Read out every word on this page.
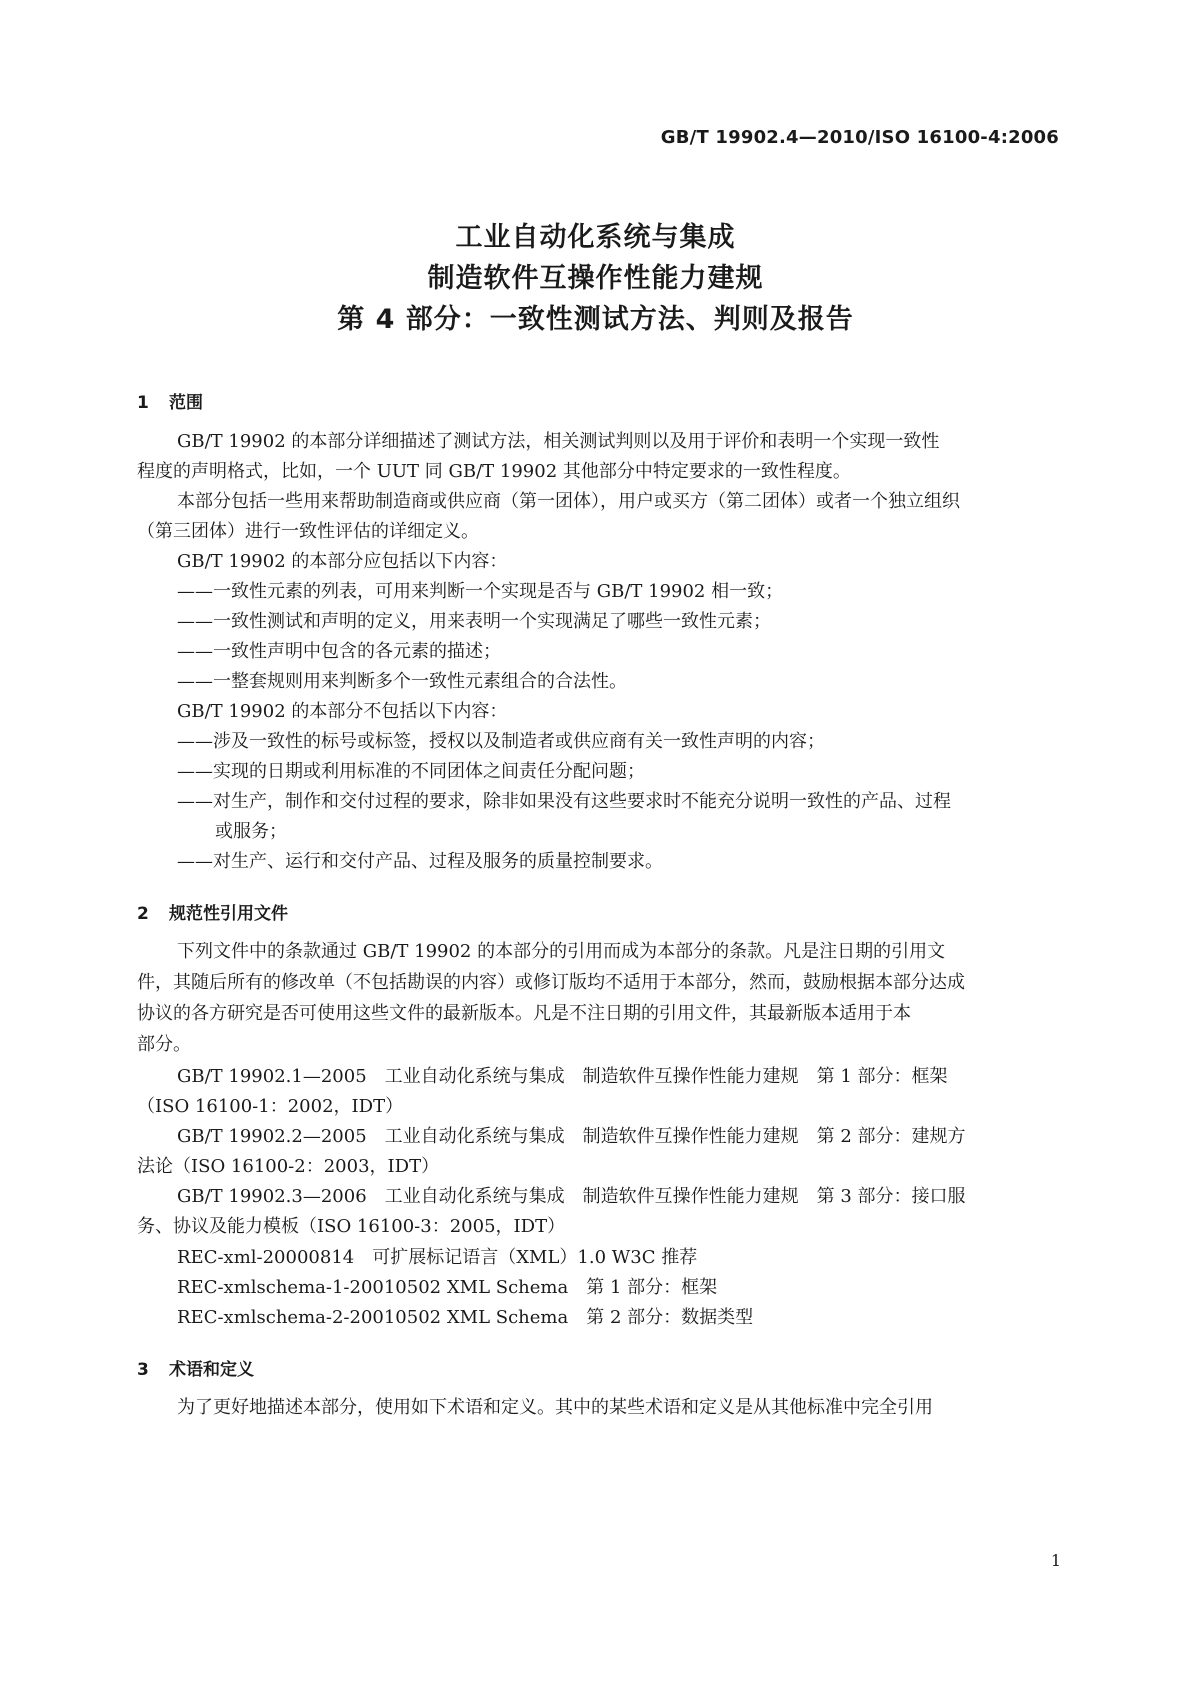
GB/T 19902.4—2010/ISO 16100-4:2006
工业自动化系统与集成
制造软件互操作性能力建规
第 4 部分：一致性测试方法、判则及报告
1 范围
GB/T 19902 的本部分详细描述了测试方法，相关测试判则以及用于评价和表明一个实现一致性
程度的声明格式，比如，一个 UUT 同 GB/T 19902 其他部分中特定要求的一致性程度。
本部分包括一些用来帮助制造商或供应商（第一团体），用户或买方（第二团体）或者一个独立组织
（第三团体）进行一致性评估的详细定义。
GB/T 19902 的本部分应包括以下内容：
——一致性元素的列表，可用来判断一个实现是否与 GB/T 19902 相一致；
——一致性测试和声明的定义，用来表明一个实现满足了哪些一致性元素；
——一致性声明中包含的各元素的描述；
——一整套规则用来判断多个一致性元素组合的合法性。
GB/T 19902 的本部分不包括以下内容：
——涉及一致性的标号或标签，授权以及制造者或供应商有关一致性声明的内容；
——实现的日期或利用标准的不同团体之间责任分配问题；
——对生产，制作和交付过程的要求，除非如果没有这些要求时不能充分说明一致性的产品、过程
或服务；
——对生产、运行和交付产品、过程及服务的质量控制要求。
2 规范性引用文件
下列文件中的条款通过 GB/T 19902 的本部分的引用而成为本部分的条款。凡是注日期的引用文
件，其随后所有的修改单（不包括勘误的内容）或修订版均不适用于本部分，然而，鼓励根据本部分达成
协议的各方研究是否可使用这些文件的最新版本。凡是不注日期的引用文件，其最新版本适用于本
部分。
GB/T 19902.1—2005　工业自动化系统与集成　制造软件互操作性能力建规　第 1 部分：框架
（ISO 16100-1：2002，IDT）
GB/T 19902.2—2005　工业自动化系统与集成　制造软件互操作性能力建规　第 2 部分：建规方
法论（ISO 16100-2：2003，IDT）
GB/T 19902.3—2006　工业自动化系统与集成　制造软件互操作性能力建规　第 3 部分：接口服
务、协议及能力模板（ISO 16100-3：2005，IDT）
REC-xml-20000814　可扩展标记语言（XML）1.0 W3C 推荐
REC-xmlschema-1-20010502 XML Schema　第 1 部分：框架
REC-xmlschema-2-20010502 XML Schema　第 2 部分：数据类型
3 术语和定义
为了更好地描述本部分，使用如下术语和定义。其中的某些术语和定义是从其他标准中完全引用
1
